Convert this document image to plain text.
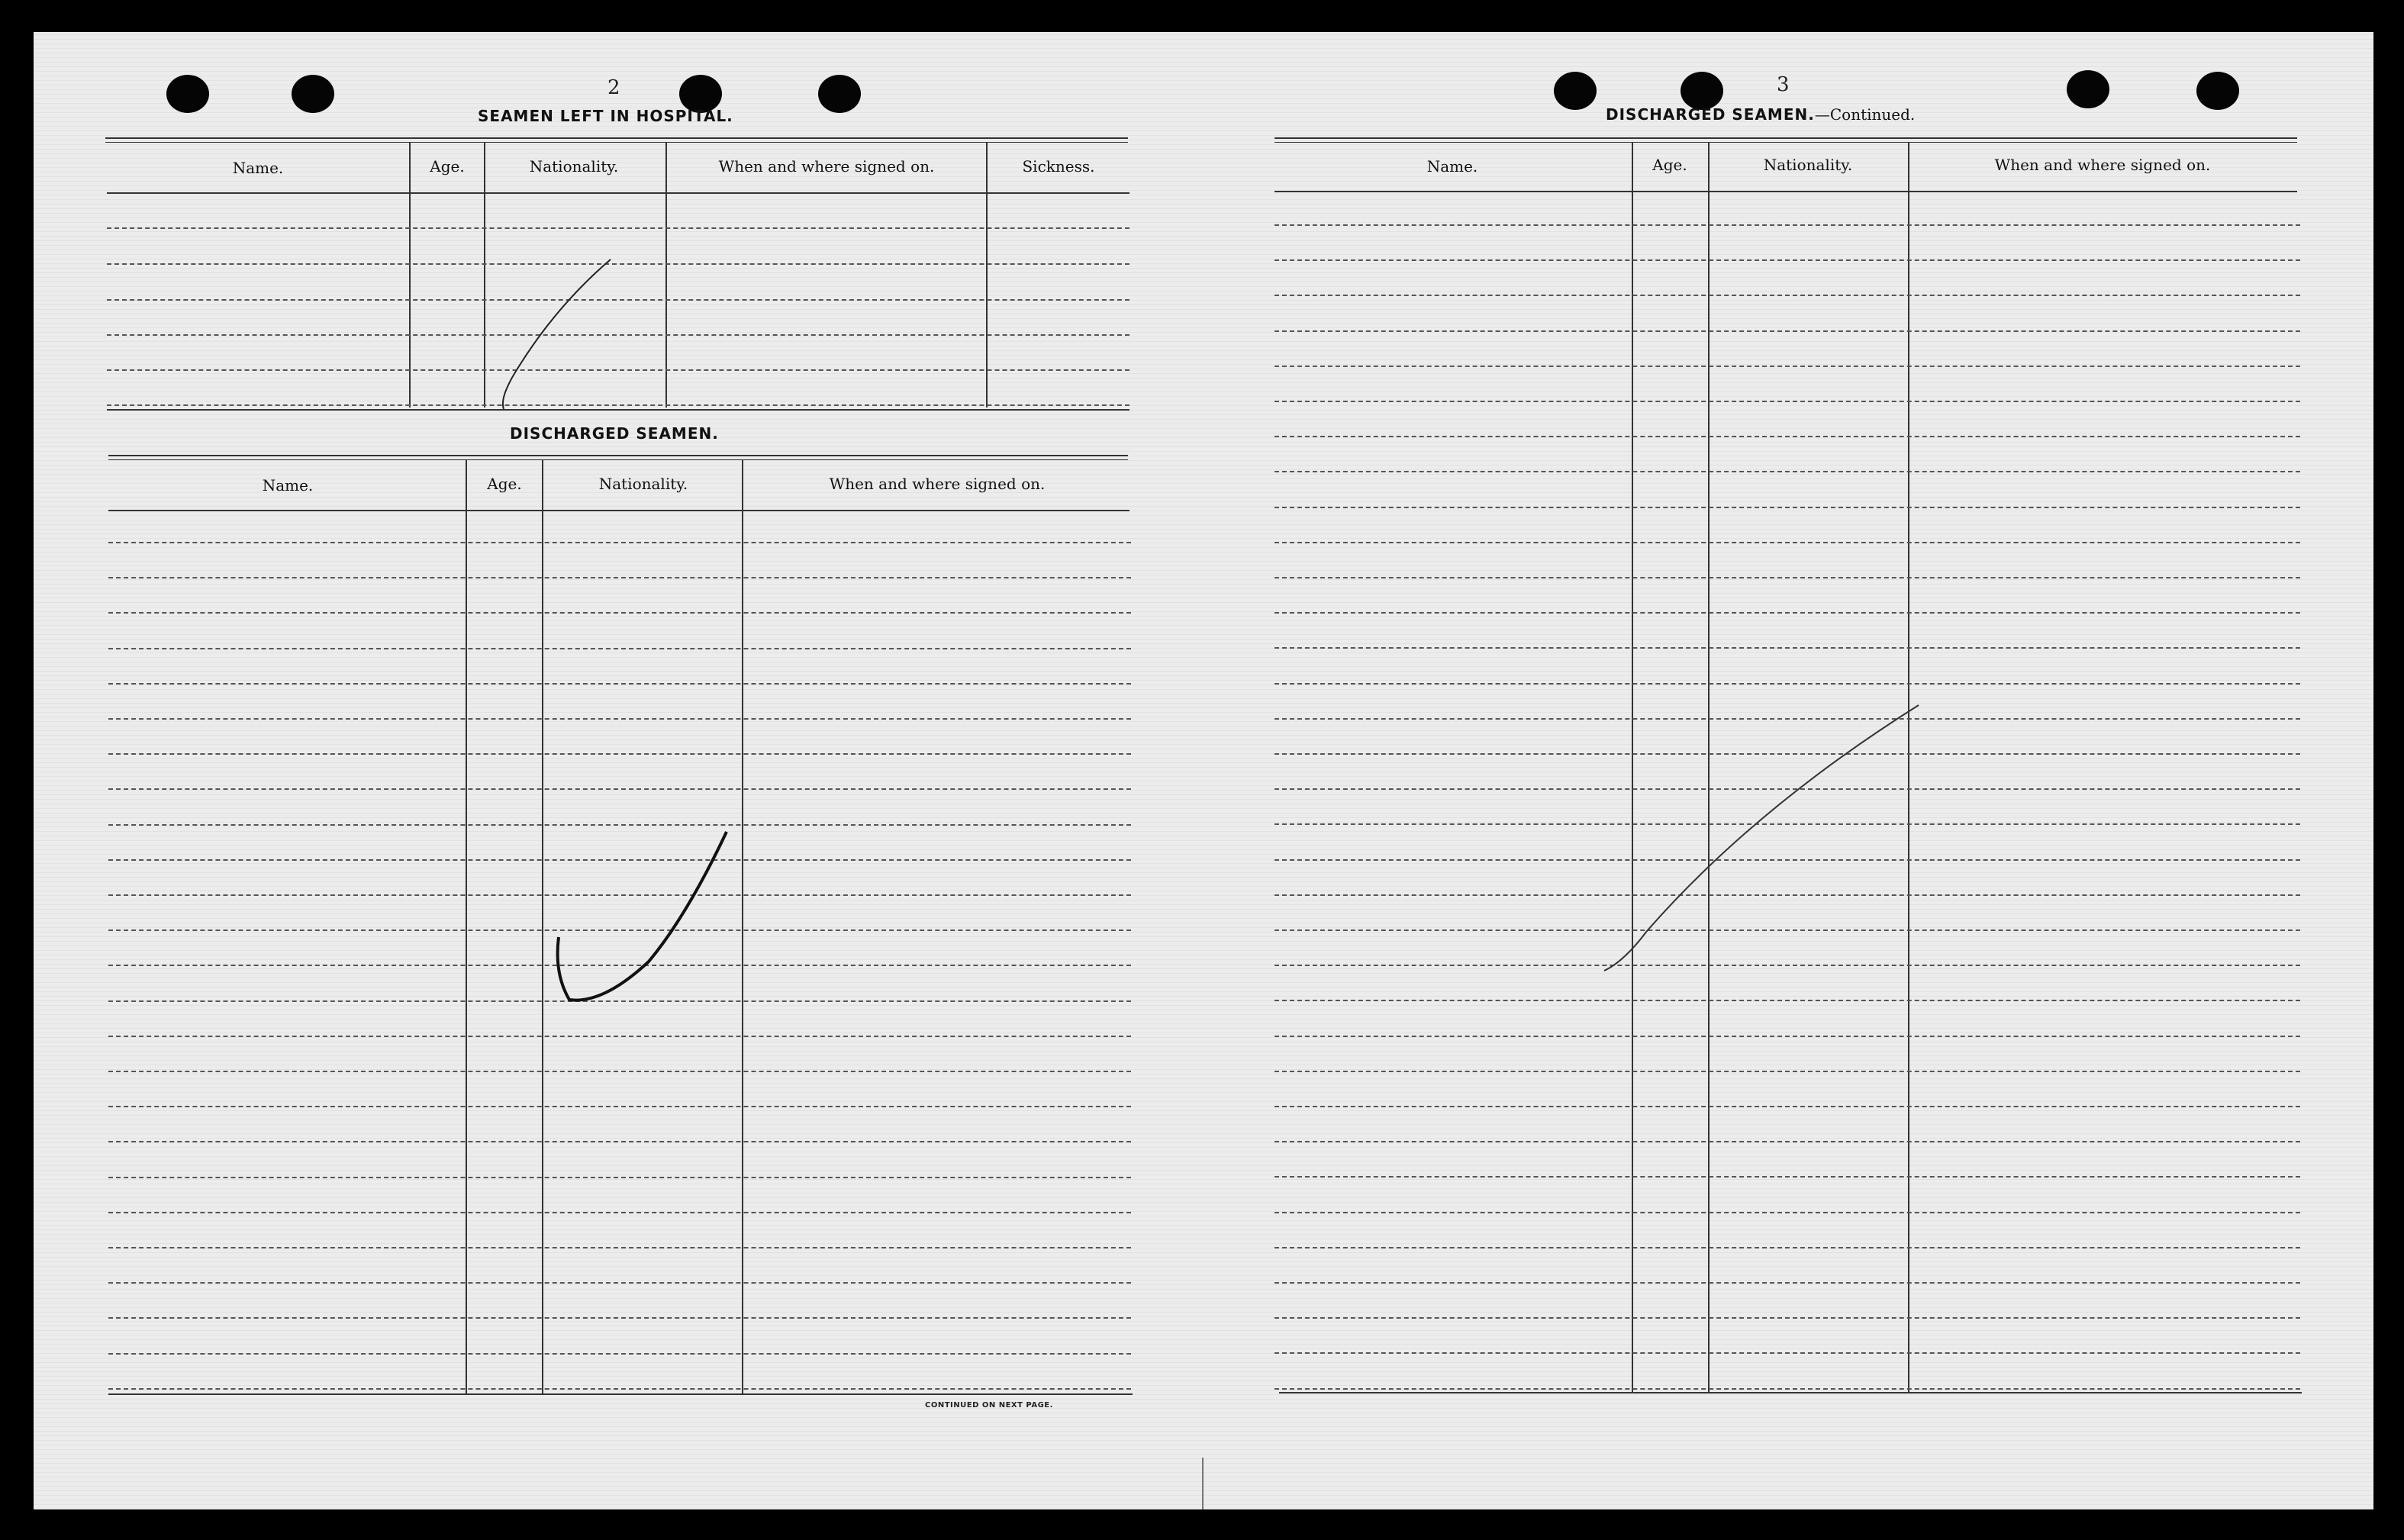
2
SEAMEN LEFT IN HOSPITAL.
Name.	Age.	Nationality.	When and where signed on.	Sickness.
DISCHARGED SEAMEN.
Name.	Age.	Nationality.	When and where signed on.
CONTINUED ON NEXT PAGE.
3
DISCHARGED SEAMEN.—Continued.
Name.	Age.	Nationality.	When and where signed on.
